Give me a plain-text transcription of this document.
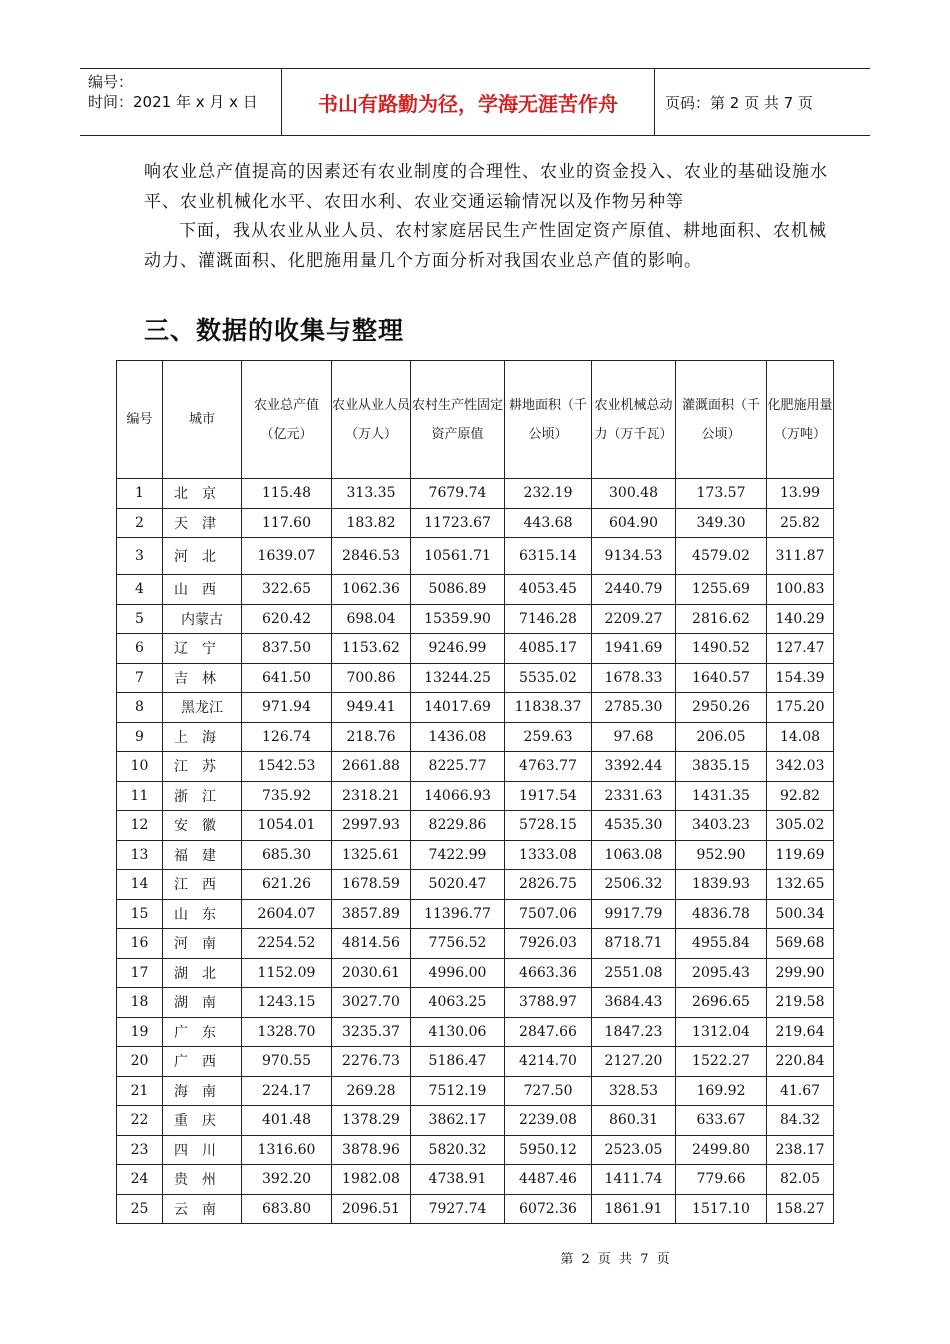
编号：
时间：2021 年 x 月 x 日	书山有路勤为径，学海无涯苦作舟	页码：第 2 页 共 7 页
响农业总产值提高的因素还有农业制度的合理性、农业的资金投入、农业的基础设施水平、农业机械化水平、农田水利、农业交通运输情况以及作物另种等
下面，我从农业从业人员、农村家庭居民生产性固定资产原值、耕地面积、农机械动力、灌溉面积、化肥施用量几个方面分析对我国农业总产值的影响。
三、数据的收集与整理
编号	城市	农业总产值（亿元）	农业从业人员（万人）	农村生产性固定资产原值	耕地面积（千公顷）	农业机械总动力（万千瓦）	灌溉面积（千公顷）	化肥施用量（万吨）
1	北京	115.48	313.35	7679.74	232.19	300.48	173.57	13.99
2	天津	117.60	183.82	11723.67	443.68	604.90	349.30	25.82
3	河北	1639.07	2846.53	10561.71	6315.14	9134.53	4579.02	311.87
4	山西	322.65	1062.36	5086.89	4053.45	2440.79	1255.69	100.83
5	内蒙古	620.42	698.04	15359.90	7146.28	2209.27	2816.62	140.29
6	辽宁	837.50	1153.62	9246.99	4085.17	1941.69	1490.52	127.47
7	吉林	641.50	700.86	13244.25	5535.02	1678.33	1640.57	154.39
8	黑龙江	971.94	949.41	14017.69	11838.37	2785.30	2950.26	175.20
9	上海	126.74	218.76	1436.08	259.63	97.68	206.05	14.08
10	江苏	1542.53	2661.88	8225.77	4763.77	3392.44	3835.15	342.03
11	浙江	735.92	2318.21	14066.93	1917.54	2331.63	1431.35	92.82
12	安徽	1054.01	2997.93	8229.86	5728.15	4535.30	3403.23	305.02
13	福建	685.30	1325.61	7422.99	1333.08	1063.08	952.90	119.69
14	江西	621.26	1678.59	5020.47	2826.75	2506.32	1839.93	132.65
15	山东	2604.07	3857.89	11396.77	7507.06	9917.79	4836.78	500.34
16	河南	2254.52	4814.56	7756.52	7926.03	8718.71	4955.84	569.68
17	湖北	1152.09	2030.61	4996.00	4663.36	2551.08	2095.43	299.90
18	湖南	1243.15	3027.70	4063.25	3788.97	3684.43	2696.65	219.58
19	广东	1328.70	3235.37	4130.06	2847.66	1847.23	1312.04	219.64
20	广西	970.55	2276.73	5186.47	4214.70	2127.20	1522.27	220.84
21	海南	224.17	269.28	7512.19	727.50	328.53	169.92	41.67
22	重庆	401.48	1378.29	3862.17	2239.08	860.31	633.67	84.32
23	四川	1316.60	3878.96	5820.32	5950.12	2523.05	2499.80	238.17
24	贵州	392.20	1982.08	4738.91	4487.46	1411.74	779.66	82.05
25	云南	683.80	2096.51	7927.74	6072.36	1861.91	1517.10	158.27
第 2 页 共 7 页
